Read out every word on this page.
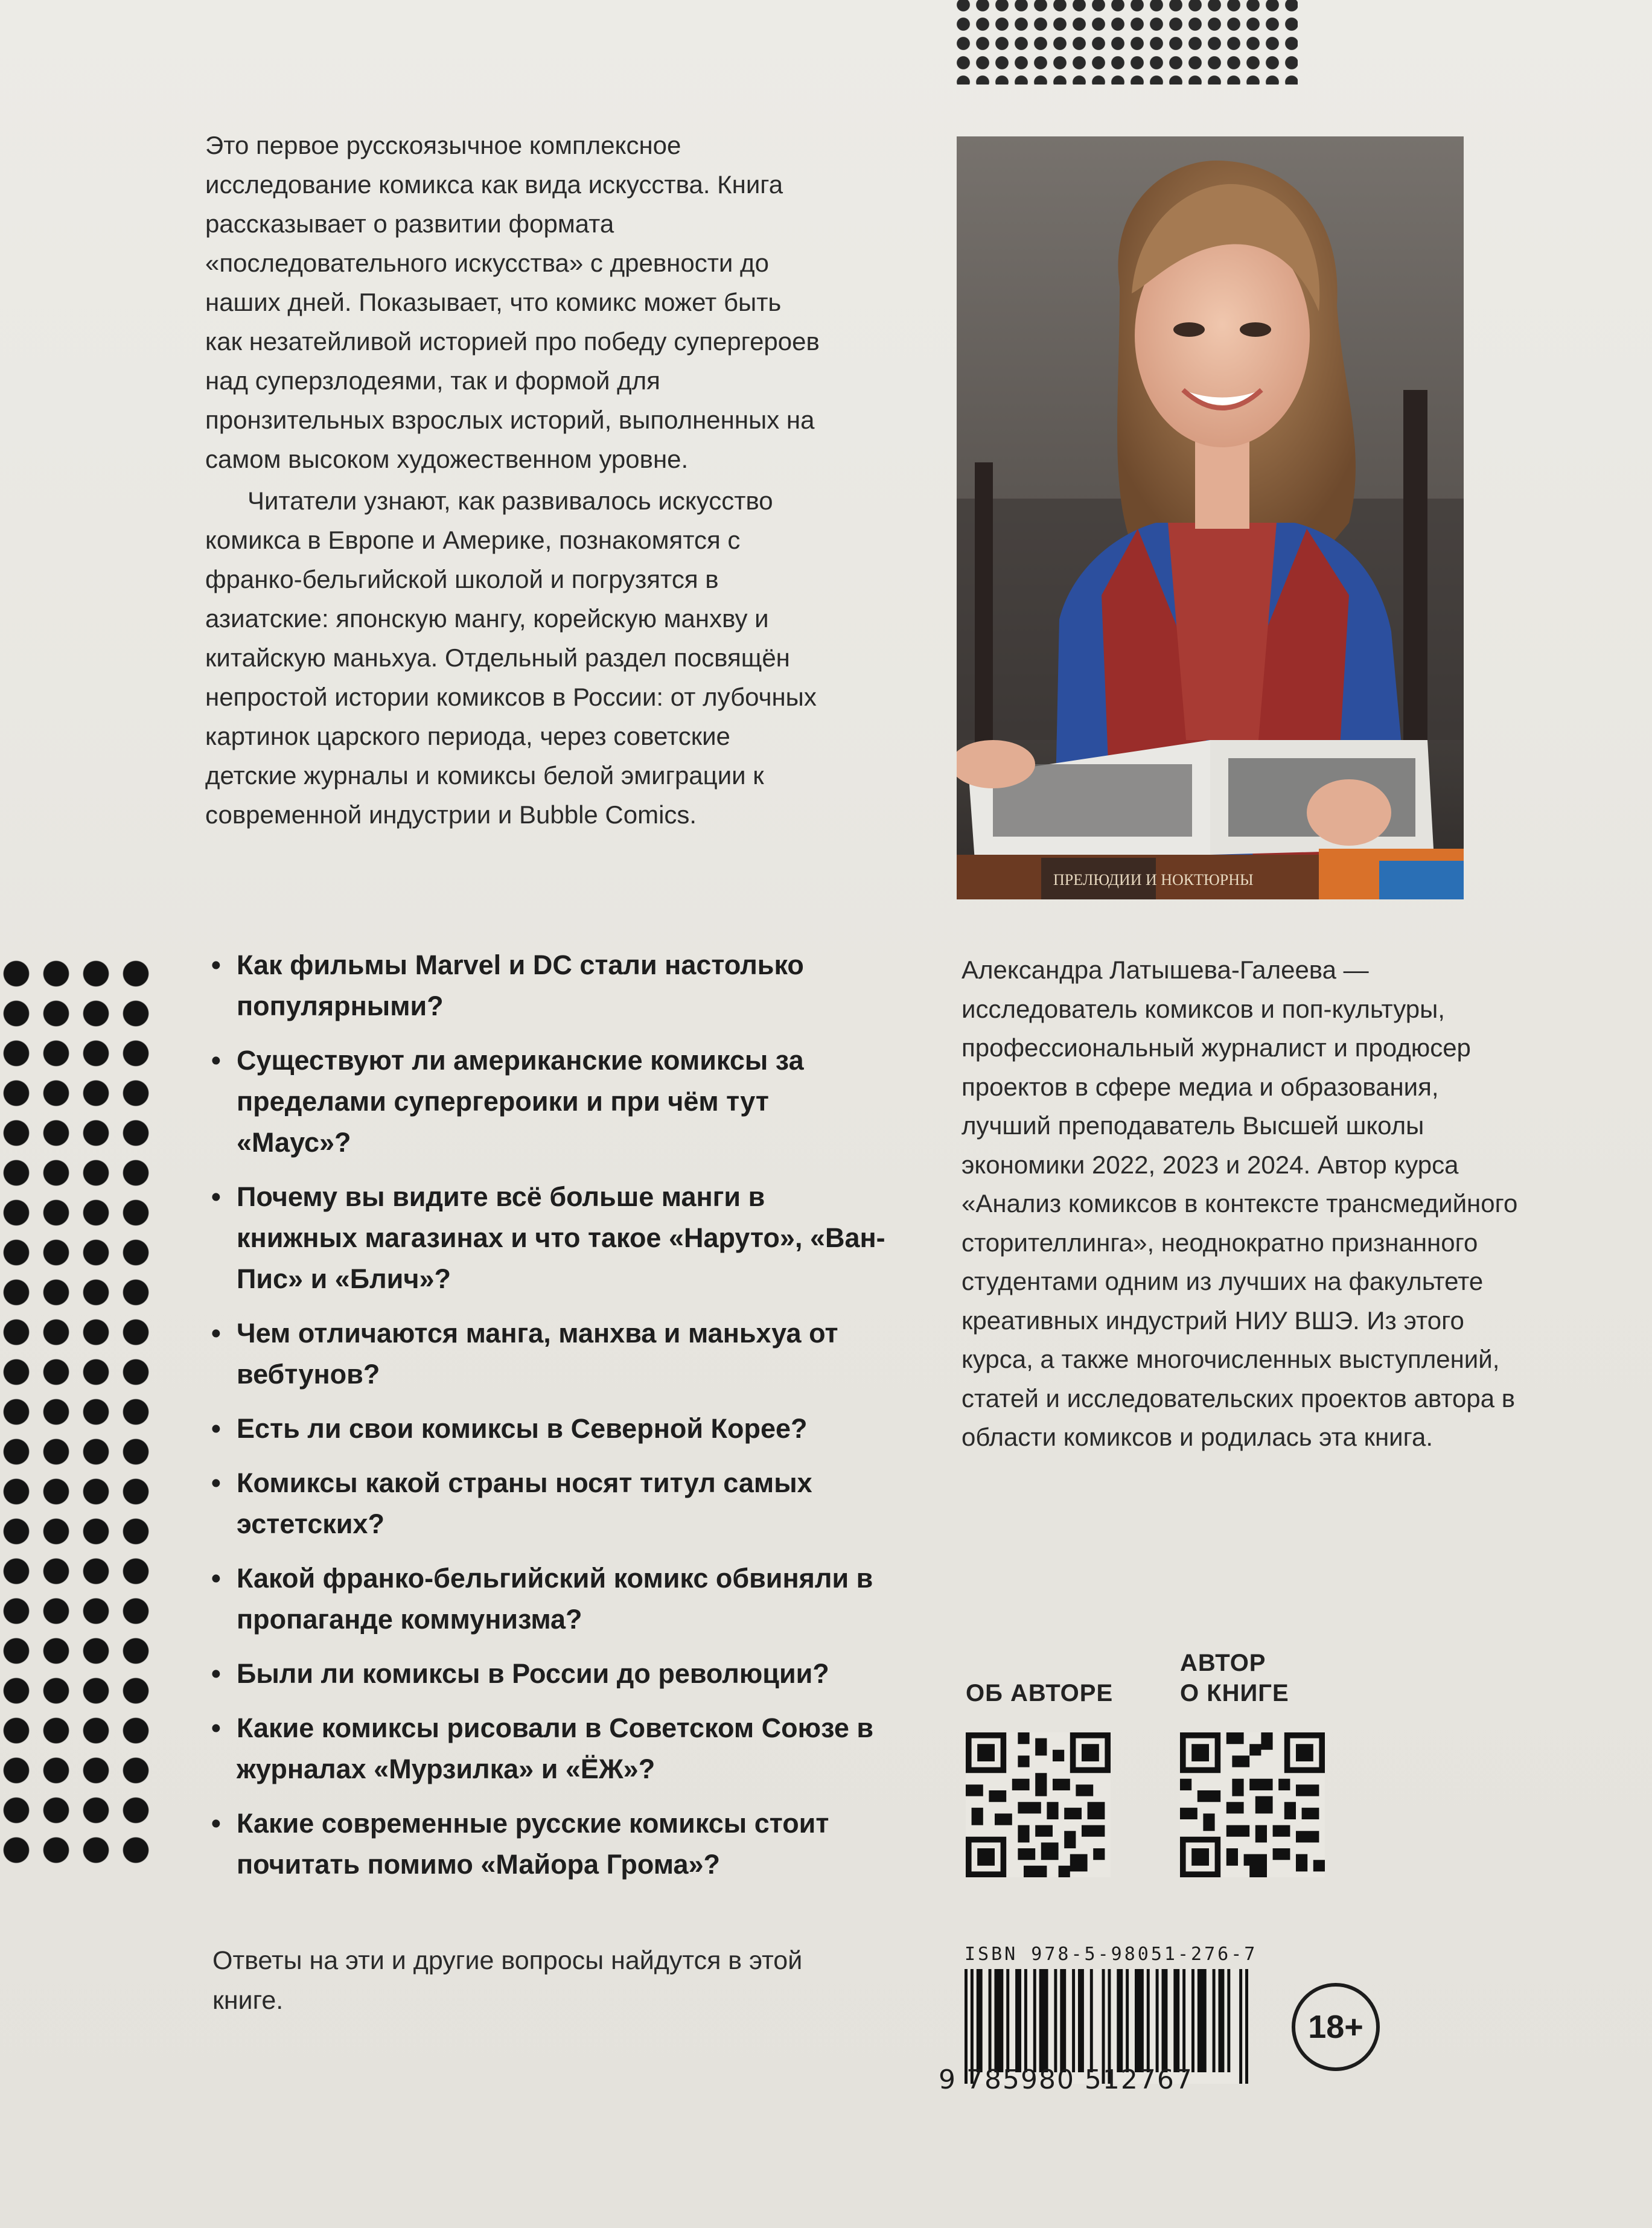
Это первое русскоязычное комплексное исследование комикса как вида искусства. Книга рассказывает о развитии формата «последовательного искусства» с древности до наших дней. Показывает, что комикс может быть как незатейливой историей про победу супергероев над суперзлодеями, так и формой для пронзительных взрослых историй, выполненных на самом высоком художественном уровне.

Читатели узнают, как развивалось искусство комикса в Европе и Америке, познакомятся с франко-бельгийской школой и погрузятся в азиатские: японскую мангу, корейскую манхву и китайскую маньхуа. Отдельный раздел посвящён непростой истории комиксов в России: от лубочных картинок царского периода, через советские детские журналы и комиксы белой эмиграции к современной индустрии и Bubble Comics.

ПРЕЛЮДИИ И НОКТЮРНЫ
• Как фильмы Marvel и DC стали настолько популярными?
• Существуют ли американские комиксы за пределами супергероики и при чём тут «Маус»?
• Почему вы видите всё больше манги в книжных магазинах и что такое «Наруто», «Ван-Пис» и «Блич»?
• Чем отличаются манга, манхва и маньхуа от вебтунов?
• Есть ли свои комиксы в Северной Корее?
• Комиксы какой страны носят титул самых эстетских?
• Какой франко-бельгийский комикс обвиняли в пропаганде коммунизма?
• Были ли комиксы в России до революции?
• Какие комиксы рисовали в Советском Союзе в журналах «Мурзилка» и «ЁЖ»?
• Какие современные русские комиксы стоит почитать помимо «Майора Грома»?
Ответы на эти и другие вопросы найдутся в этой книге.
Александра Латышева-Галеева — исследователь комиксов и поп-культуры, профессиональный журналист и продюсер проектов в сфере медиа и образования, лучший преподаватель Высшей школы экономики 2022, 2023 и 2024. Автор курса «Анализ комиксов в контексте трансмедийного сторителлинга», неоднократно признанного студентами одним из лучших на факультете креативных индустрий НИУ ВШЭ. Из этого курса, а также многочисленных выступлений, статей и исследовательских проектов автора в области комиксов и родилась эта книга.
ОБ АВТОРЕ
АВТОР
О КНИГЕ
ISBN 978-5-98051-276-7
9 785980 512767
18+
